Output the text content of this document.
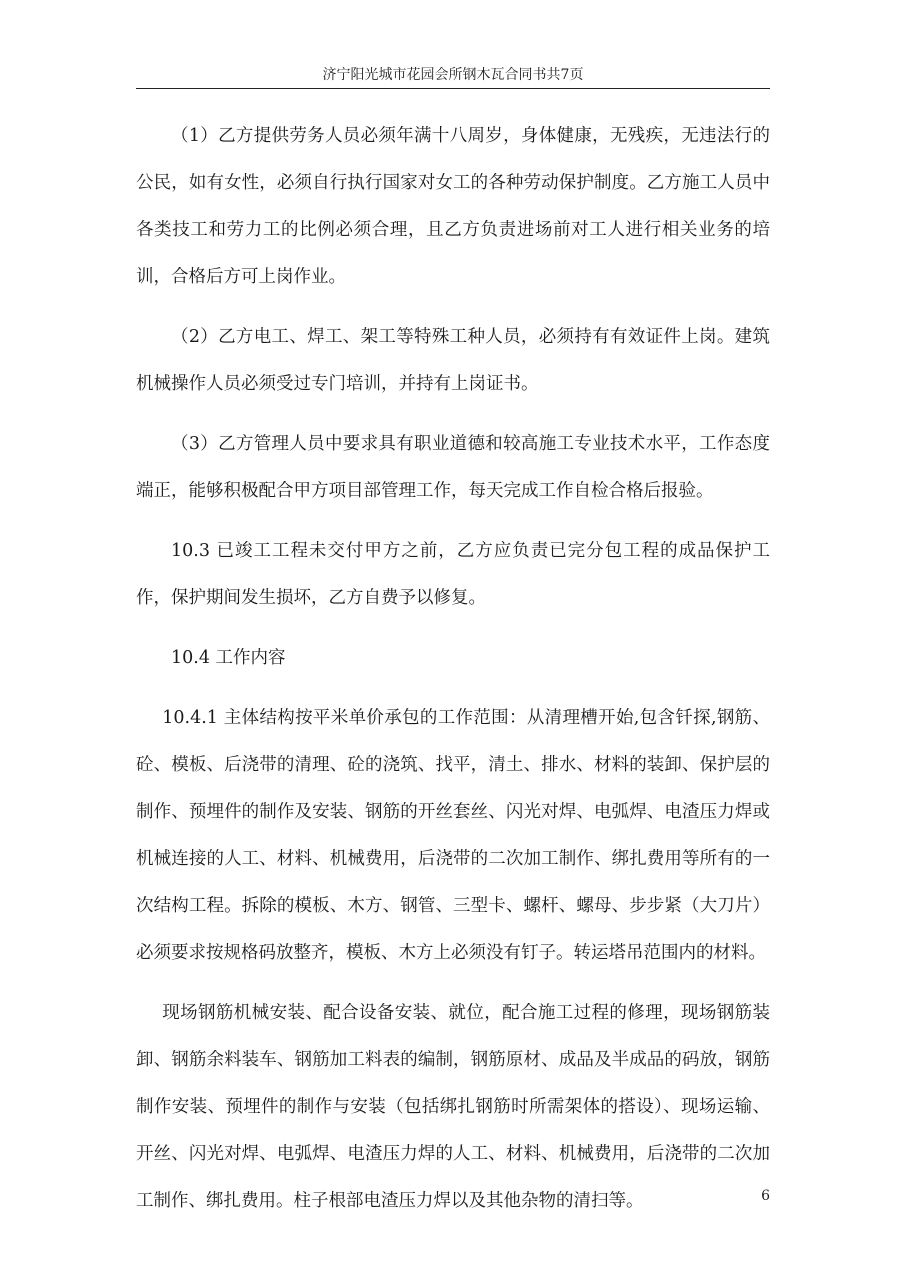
济宁阳光城市花园会所钢木瓦合同书共7页

（1）乙方提供劳务人员必须年满十八周岁，身体健康，无残疾，无违法行的公民，如有女性，必须自行执行国家对女工的各种劳动保护制度。乙方施工人员中各类技工和劳力工的比例必须合理，且乙方负责进场前对工人进行相关业务的培训，合格后方可上岗作业。

（2）乙方电工、焊工、架工等特殊工种人员，必须持有有效证件上岗。建筑机械操作人员必须受过专门培训，并持有上岗证书。

（3）乙方管理人员中要求具有职业道德和较高施工专业技术水平，工作态度端正，能够积极配合甲方项目部管理工作，每天完成工作自检合格后报验。

10.3 已竣工工程未交付甲方之前，乙方应负责已完分包工程的成品保护工作，保护期间发生损坏，乙方自费予以修复。

10.4 工作内容

10.4.1 主体结构按平米单价承包的工作范围：从清理槽开始,包含钎探,钢筋、砼、模板、后浇带的清理、砼的浇筑、找平，清土、排水、材料的装卸、保护层的制作、预埋件的制作及安装、钢筋的开丝套丝、闪光对焊、电弧焊、电渣压力焊或机械连接的人工、材料、机械费用，后浇带的二次加工制作、绑扎费用等所有的一次结构工程。拆除的模板、木方、钢管、三型卡、螺杆、螺母、步步紧（大刀片）必须要求按规格码放整齐，模板、木方上必须没有钉子。转运塔吊范围内的材料。

现场钢筋机械安装、配合设备安装、就位，配合施工过程的修理，现场钢筋装卸、钢筋余料装车、钢筋加工料表的编制，钢筋原材、成品及半成品的码放，钢筋制作安装、预埋件的制作与安装（包括绑扎钢筋时所需架体的搭设）、现场运输、开丝、闪光对焊、电弧焊、电渣压力焊的人工、材料、机械费用，后浇带的二次加工制作、绑扎费用。柱子根部电渣压力焊以及其他杂物的清扫等。	6
